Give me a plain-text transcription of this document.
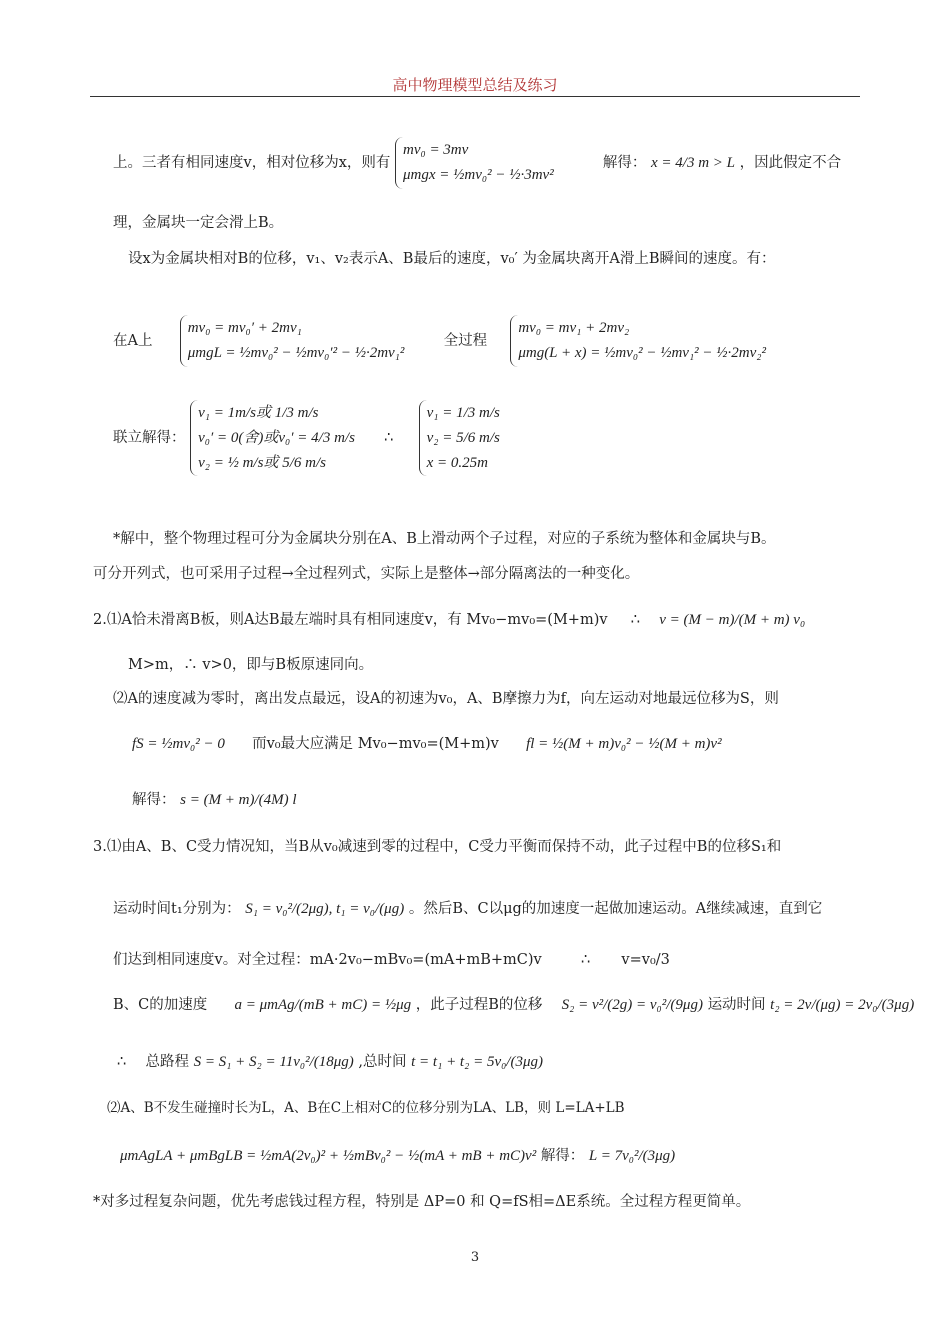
高中物理模型总结及练习
上。三者有相同速度v，相对位移为x，则有
mv₀ = 3mv
μmgx = ½mv₀² − ½·3mv²
解得： x = 4/3 m > L ，因此假定不合
理，金属块一定会滑上B。
设x为金属块相对B的位移，v₁、v₂表示A、B最后的速度，v₀′ 为金属块离开A滑上B瞬间的速度。有：
在A上
mv₀ = mv₀′ + 2mv₁
μmgL = ½mv₀² − ½mv₀′² − ½·2mv₁²
全过程
mv₀ = mv₁ + 2mv₂
μmg(L + x) = ½mv₀² − ½mv₁² − ½·2mv₂²
联立解得：
v₁ = 1m/s或 1/3 m/s
v₀′ = 0(舍)或v₀′ = 4/3 m/s
v₂ = ½ m/s或 5/6 m/s
∴
v₁ = 1/3 m/s
v₂ = 5/6 m/s
x = 0.25m
*解中，整个物理过程可分为金属块分别在A、B上滑动两个子过程，对应的子系统为整体和金属块与B。
可分开列式，也可采用子过程→全过程列式，实际上是整体→部分隔离法的一种变化。
2.⑴A恰未滑离B板，则A达B最左端时具有相同速度v，有 Mv₀−mv₀=(M+m)v ∴ v = (M − m)/(M + m) v₀
M>m，∴ v>0，即与B板原速同向。
⑵A的速度减为零时，离出发点最远，设A的初速为v₀，A、B摩擦力为f，向左运动对地最远位移为S，则
fS = ½mv₀² − 0 而v₀最大应满足 Mv₀−mv₀=(M+m)v fl = ½(M + m)v₀² − ½(M + m)v²
解得： s = (M + m)/(4M) l
3.⑴由A、B、C受力情况知，当B从v₀减速到零的过程中，C受力平衡而保持不动，此子过程中B的位移S₁和
运动时间t₁分别为： S₁ = v₀²/(2μg), t₁ = v₀/(μg) 。然后B、C以μg的加速度一起做加速运动。A继续减速，直到它
们达到相同速度v。对全过程：mA·2v₀−mBv₀=(mA+mB+mC)v	∴ v=v₀/3
B、C的加速度 a = μmAg/(mB + mC) = ½μg ，此子过程B的位移 S₂ = v²/(2g) = v₀²/(9μg) 运动时间 t₂ = 2v/(μg) = 2v₀/(3μg)
∴ 总路程 S = S₁ + S₂ = 11v₀²/(18μg) ,总时间 t = t₁ + t₂ = 5v₀/(3μg)
⑵A、B不发生碰撞时长为L，A、B在C上相对C的位移分别为LA、LB，则 L=LA+LB
μmAgLA + μmBgLB = ½mA(2v₀)² + ½mBv₀² − ½(mA + mB + mC)v² 解得： L = 7v₀²/(3μg)
*对多过程复杂问题，优先考虑钱过程方程，特别是 ΔP=0 和 Q=fS相=ΔE系统。全过程方程更简单。
3
